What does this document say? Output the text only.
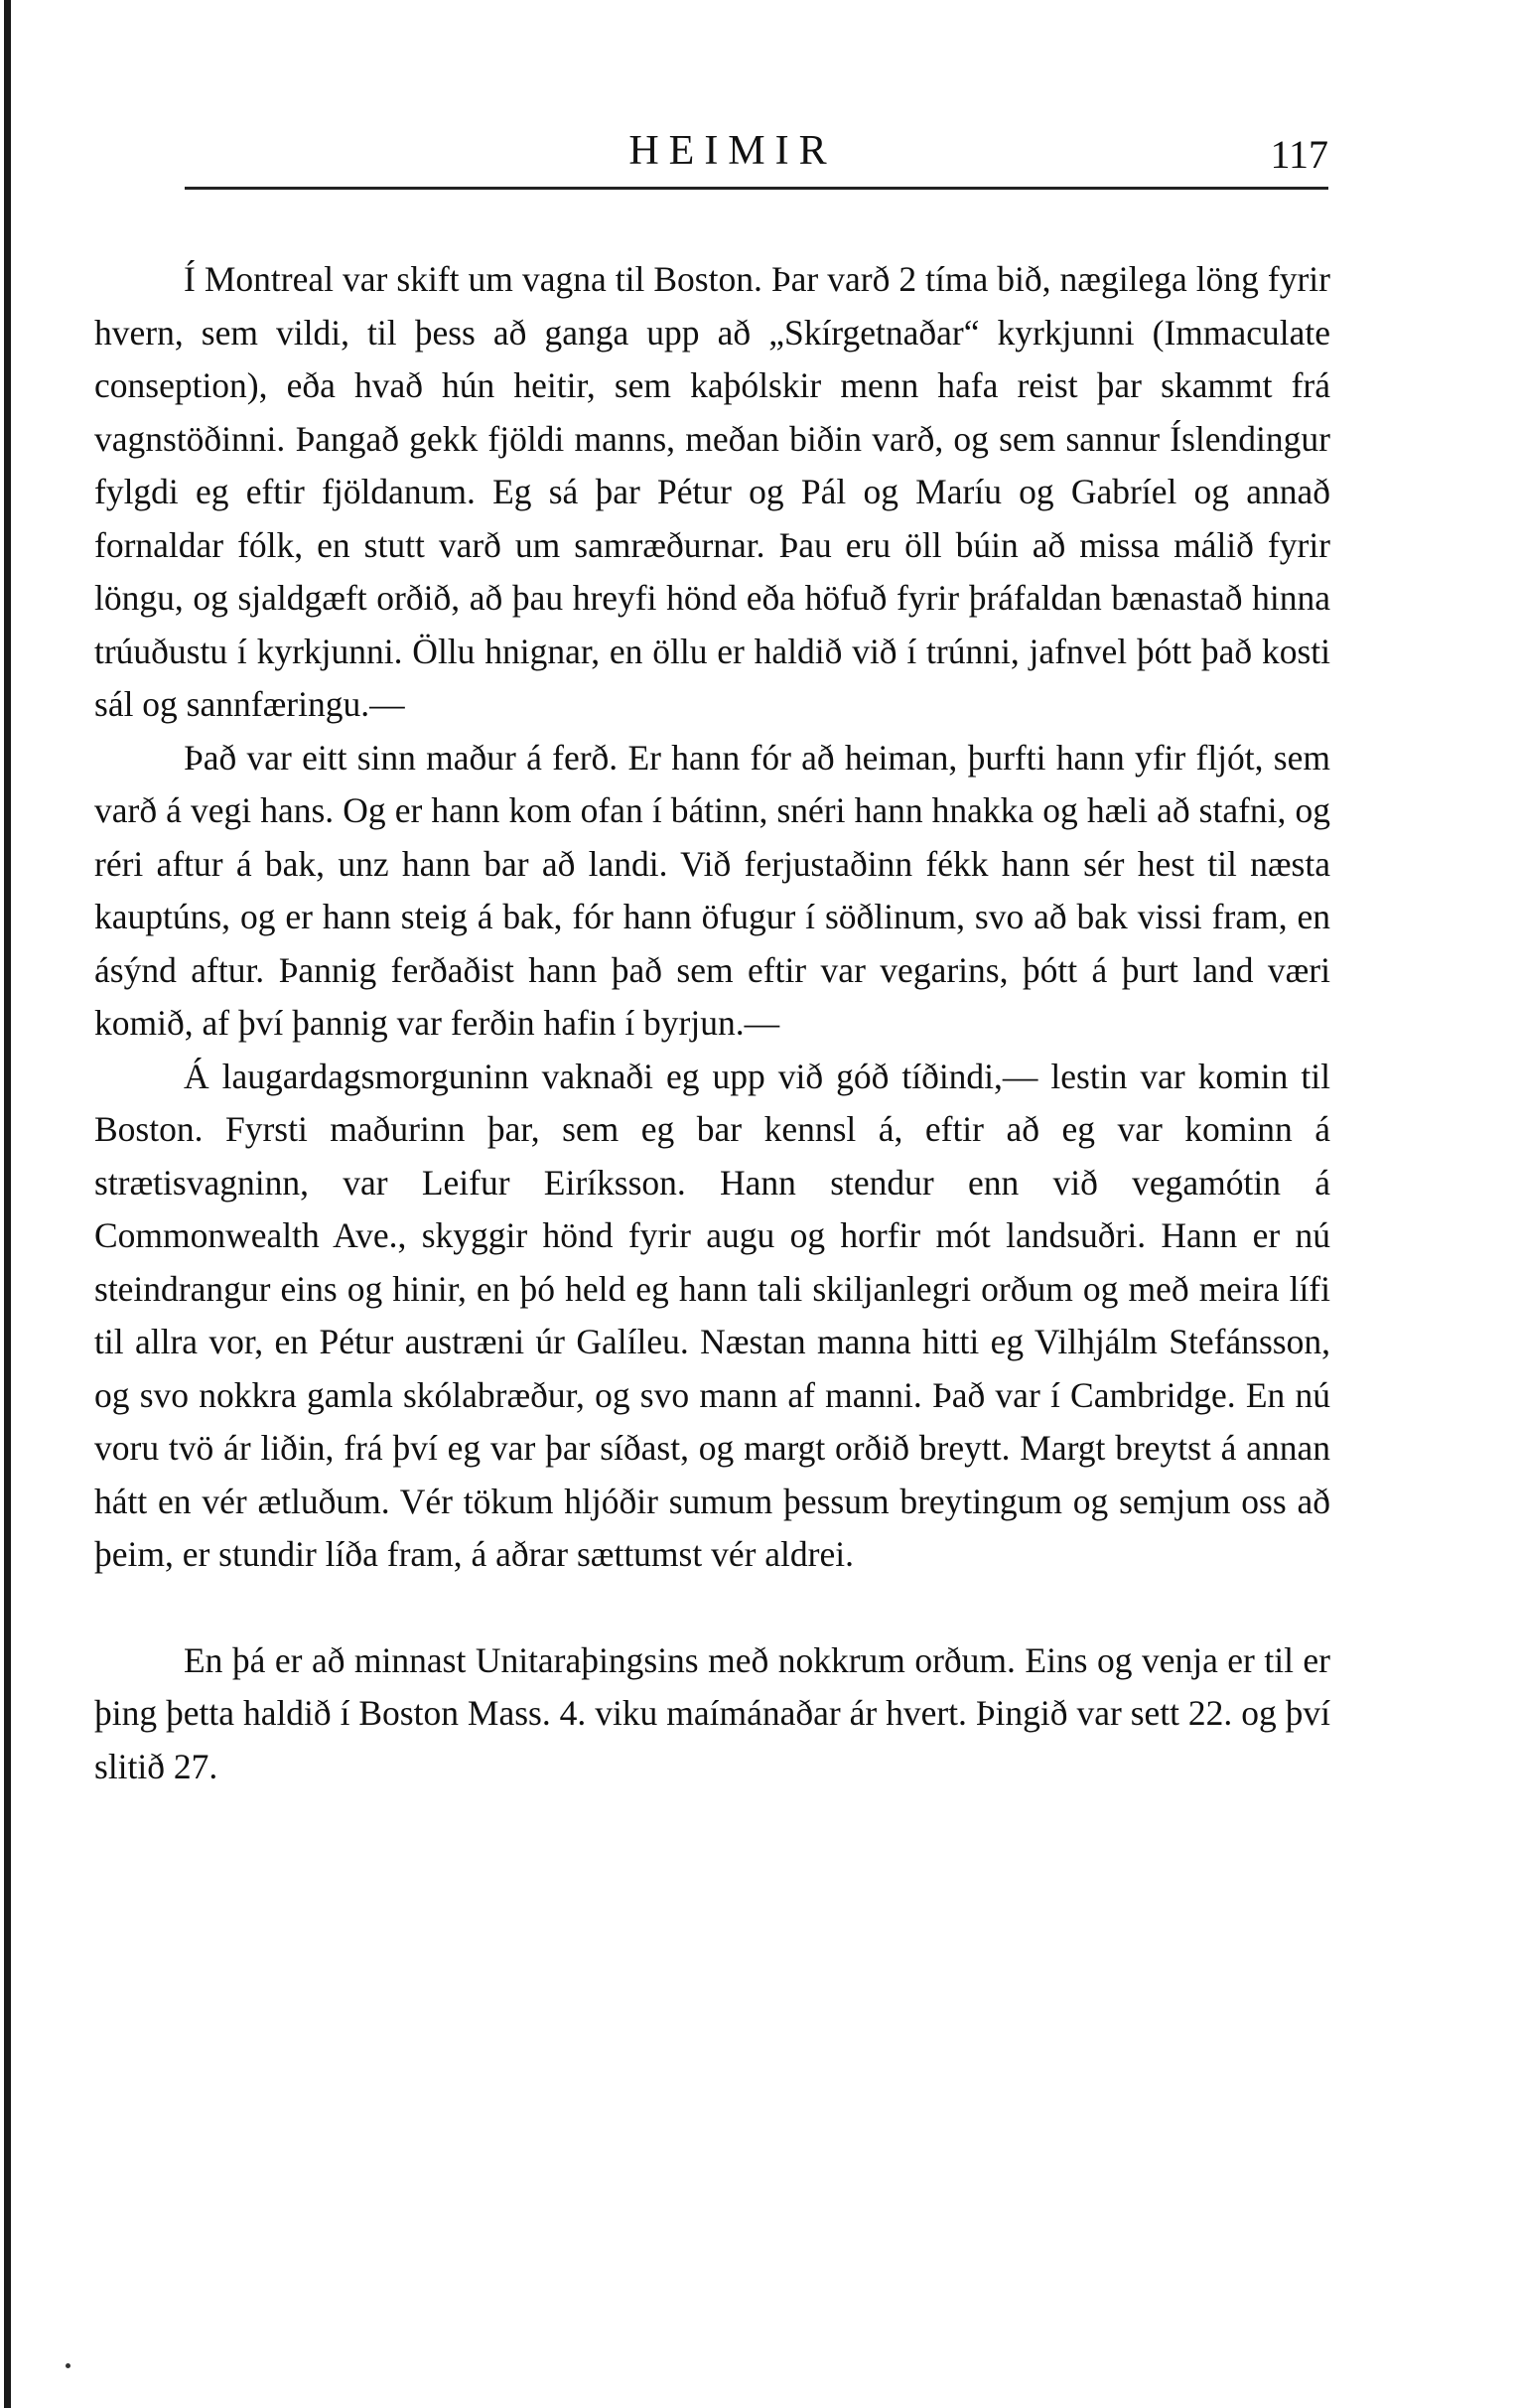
HEIMIR	117

Í Montreal var skift um vagna til Boston. Þar varð 2 tíma bið, nægilega löng fyrir hvern, sem vildi, til þess að ganga upp að „Skírgetnaðar“ kyrkjunni (Immaculate conseption), eða hvað hún heitir, sem kaþólskir menn hafa reist þar skammt frá vagnstöðinni. Þangað gekk fjöldi manns, meðan biðin varð, og sem sannur Íslendingur fylgdi eg eftir fjöldanum. Eg sá þar Pétur og Pál og Maríu og Gabríel og annað fornaldar fólk, en stutt varð um samræðurnar. Þau eru öll búin að missa málið fyrir löngu, og sjaldgæft orðið, að þau hreyfi hönd eða höfuð fyrir þráfaldan bænastað hinna trúuðustu í kyrkjunni. Öllu hnignar, en öllu er haldið við í trúnni, jafnvel þótt það kosti sál og sannfæringu.—

Það var eitt sinn maður á ferð. Er hann fór að heiman, þurfti hann yfir fljót, sem varð á vegi hans. Og er hann kom ofan í bátinn, snéri hann hnakka og hæli að stafni, og réri aftur á bak, unz hann bar að landi. Við ferjustaðinn fékk hann sér hest til næsta kauptúns, og er hann steig á bak, fór hann öfugur í söðlinum, svo að bak vissi fram, en ásýnd aftur. Þannig ferðaðist hann það sem eftir var vegarins, þótt á þurt land væri komið, af því þannig var ferðin hafin í byrjun.—

Á laugardagsmorguninn vaknaði eg upp við góð tíðindi,— lestin var komin til Boston. Fyrsti maðurinn þar, sem eg bar kennsl á, eftir að eg var kominn á strætisvagninn, var Leifur Eiríksson. Hann stendur enn við vegamótin á Commonwealth Ave., skyggir hönd fyrir augu og horfir mót landsuðri. Hann er nú steindrangur eins og hinir, en þó held eg hann tali skiljanlegri orðum og með meira lífi til allra vor, en Pétur austræni úr Galíleu. Næstan manna hitti eg Vilhjálm Stefánsson, og svo nokkra gamla skólabræður, og svo mann af manni. Það var í Cambridge. En nú voru tvö ár liðin, frá því eg var þar síðast, og margt orðið breytt. Margt breytst á annan hátt en vér ætluðum. Vér tökum hljóðir sumum þessum breytingum og semjum oss að þeim, er stundir líða fram, á aðrar sættumst vér aldrei.

En þá er að minnast Unitaraþingsins með nokkrum orðum. Eins og venja er til er þing þetta haldið í Boston Mass. 4. viku maímánaðar ár hvert. Þingið var sett 22. og því slitið 27.
